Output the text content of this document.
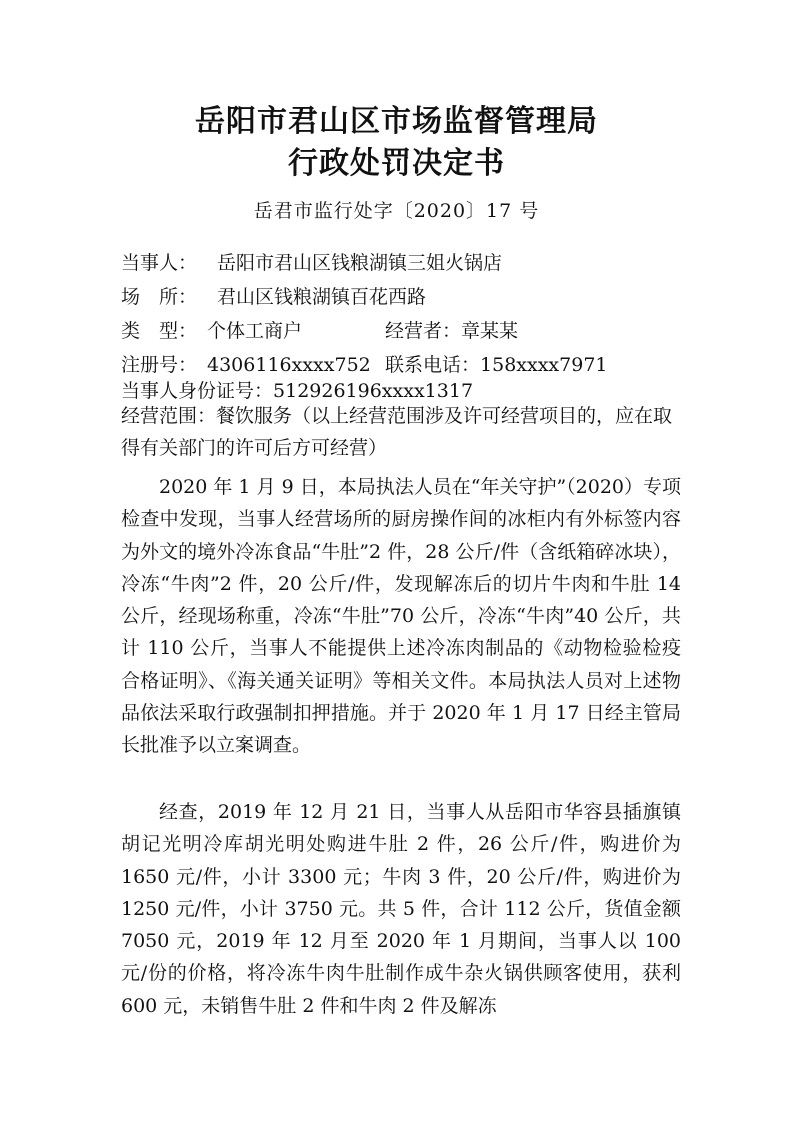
岳阳市君山区市场监督管理局
行政处罚决定书
岳君市监行处字〔2020〕17 号
当事人： 岳阳市君山区钱粮湖镇三姐火锅店
场　所： 君山区钱粮湖镇百花西路
类　型： 个体工商户	经营者：章某某
注册号： 4306116xxxx752 联系电话：158xxxx7971
当事人身份证号：512926196xxxx1317
经营范围：餐饮服务（以上经营范围涉及许可经营项目的，应在取得有关部门的许可后方可经营）

2020 年 1 月 9 日，本局执法人员在“年关守护”（2020）专项检查中发现，当事人经营场所的厨房操作间的冰柜内有外标签内容为外文的境外冷冻食品“牛肚”2 件，28 公斤/件（含纸箱碎冰块），冷冻“牛肉”2 件，20 公斤/件，发现解冻后的切片牛肉和牛肚 14 公斤，经现场称重，冷冻“牛肚”70 公斤，冷冻“牛肉”40 公斤，共计 110 公斤，当事人不能提供上述冷冻肉制品的《动物检验检疫合格证明》、《海关通关证明》等相关文件。本局执法人员对上述物品依法采取行政强制扣押措施。并于 2020 年 1 月 17 日经主管局长批准予以立案调查。

经查，2019 年 12 月 21 日，当事人从岳阳市华容县插旗镇胡记光明冷库胡光明处购进牛肚 2 件，26 公斤/件，购进价为 1650 元/件，小计 3300 元；牛肉 3 件，20 公斤/件，购进价为 1250 元/件，小计 3750 元。共 5 件，合计 112 公斤，货值金额 7050 元，2019 年 12 月至 2020 年 1 月期间，当事人以 100 元/份的价格，将冷冻牛肉牛肚制作成牛杂火锅供顾客使用，获利 600 元，未销售牛肚 2 件和牛肉 2 件及解冻
